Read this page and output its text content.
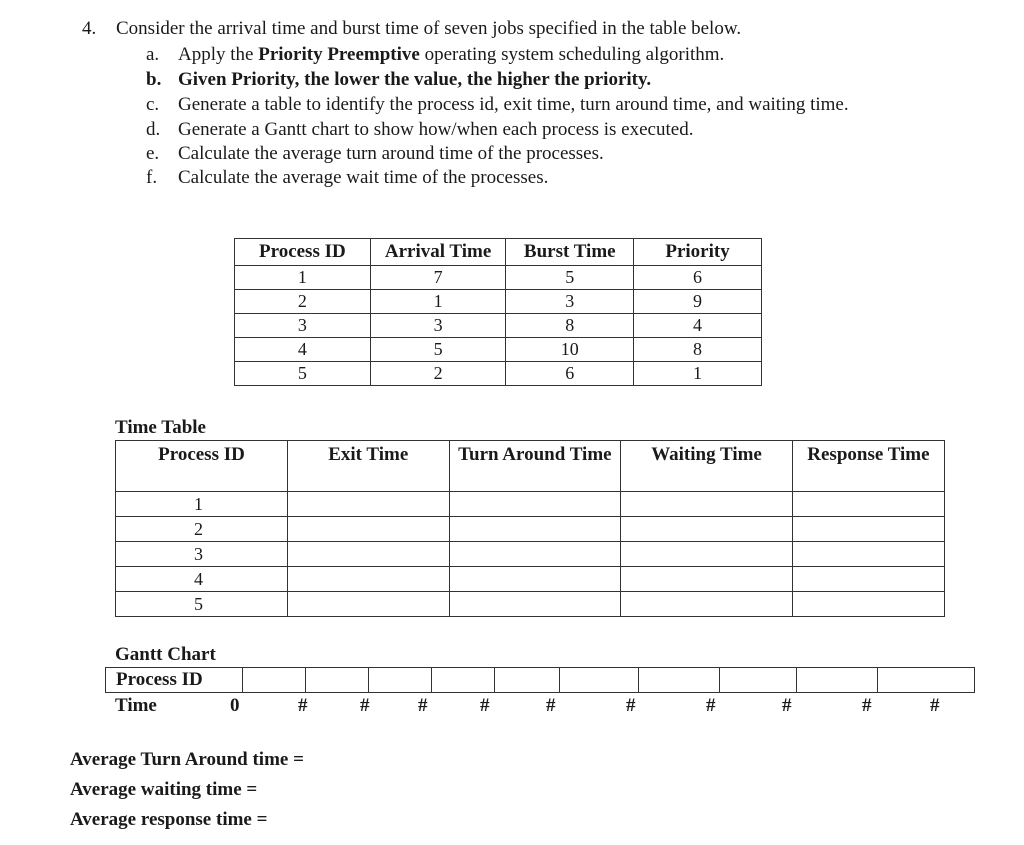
4. Consider the arrival time and burst time of seven jobs specified in the table below.
a. Apply the Priority Preemptive operating system scheduling algorithm.
b. Given Priority, the lower the value, the higher the priority.
c. Generate a table to identify the process id, exit time, turn around time, and waiting time.
d. Generate a Gantt chart to show how/when each process is executed.
e. Calculate the average turn around time of the processes.
f. Calculate the average wait time of the processes.
Process ID	Arrival Time	Burst Time	Priority
1	7	5	6
2	1	3	9
3	3	8	4
4	5	10	8
5	2	6	1
Time Table
Process ID	Exit Time	Turn Around Time	Waiting Time	Response Time
1				
2				
3				
4				
5				
Gantt Chart
Process ID										
Time	0	#	#	#	#	#	#	#	#	#	#
Average Turn Around time =
Average waiting time =
Average response time =
